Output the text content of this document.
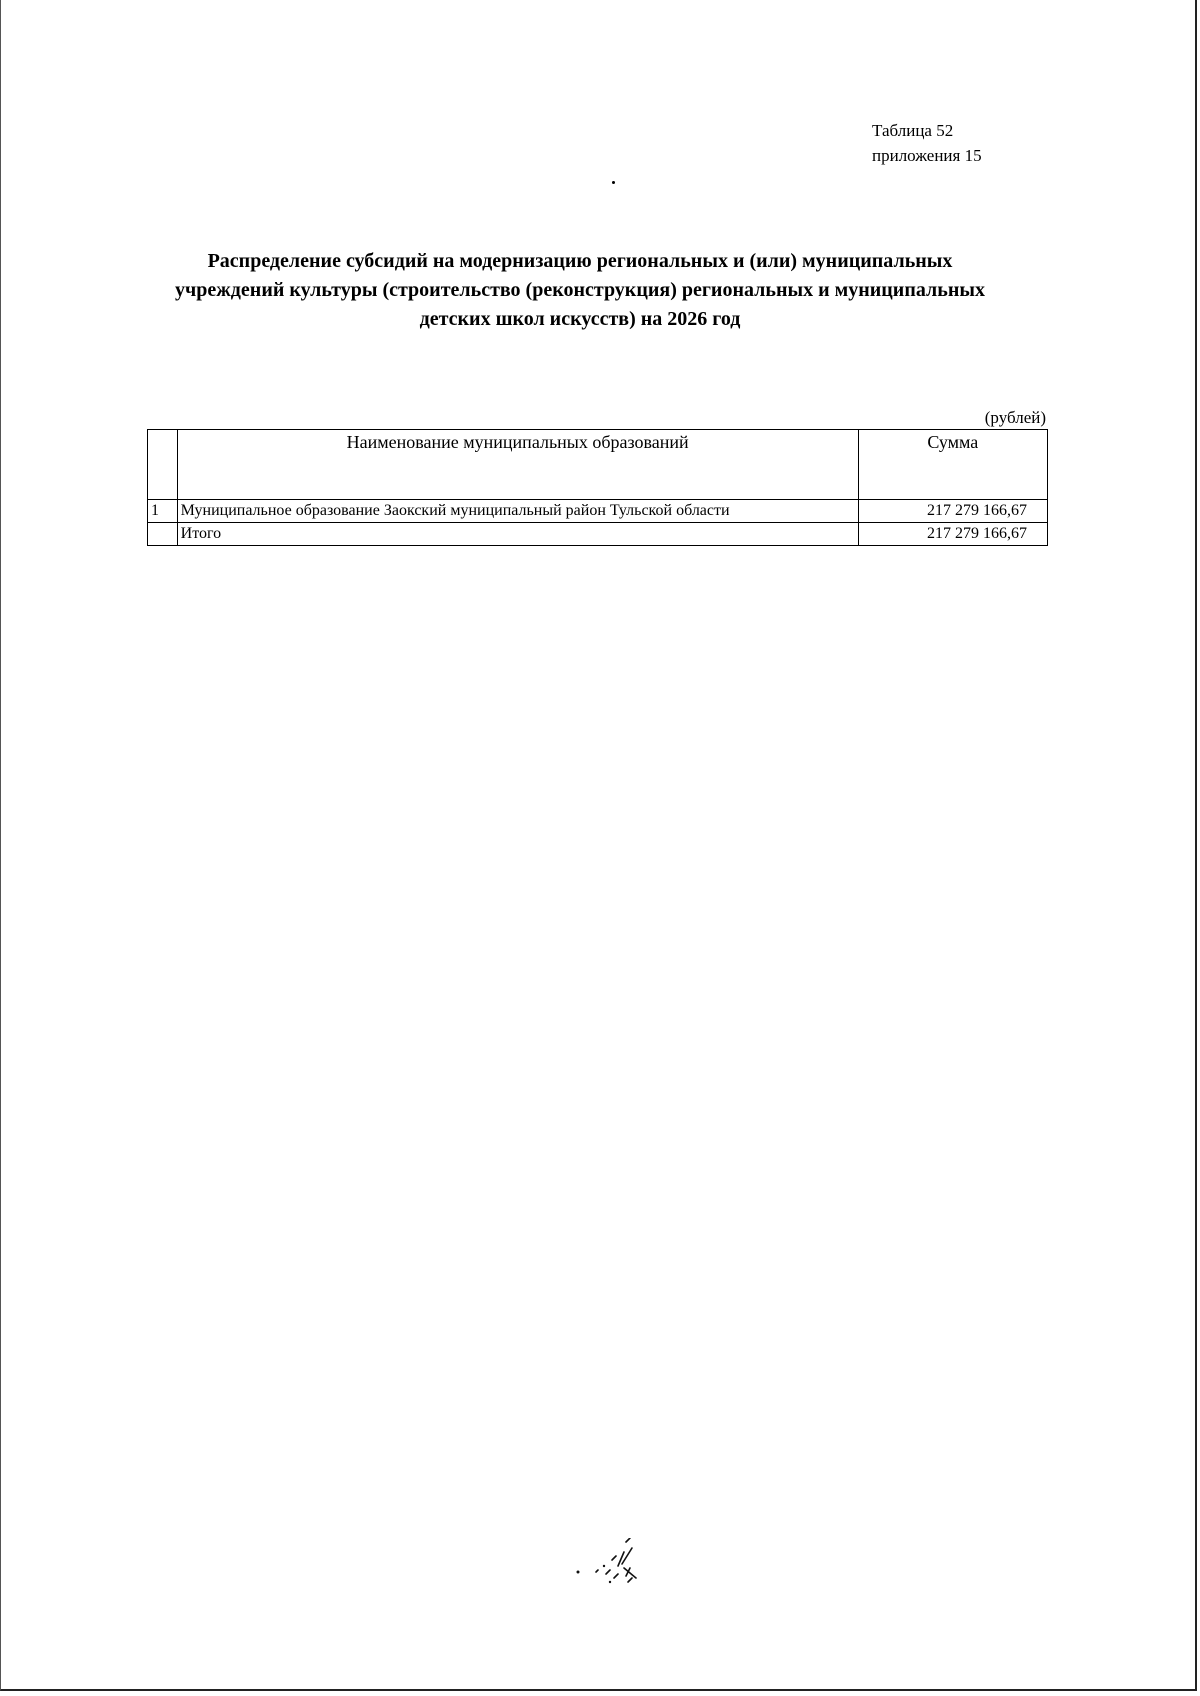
Таблица 52
приложения 15
Распределение субсидий на модернизацию региональных и (или) муниципальных
учреждений культуры (строительство (реконструкция) региональных и муниципальных
детских школ искусств) на 2026 год
(рублей)
	Наименование муниципальных образований	Сумма
1	Муниципальное образование Заокский муниципальный район Тульской области	217 279 166,67
	Итого	217 279 166,67
